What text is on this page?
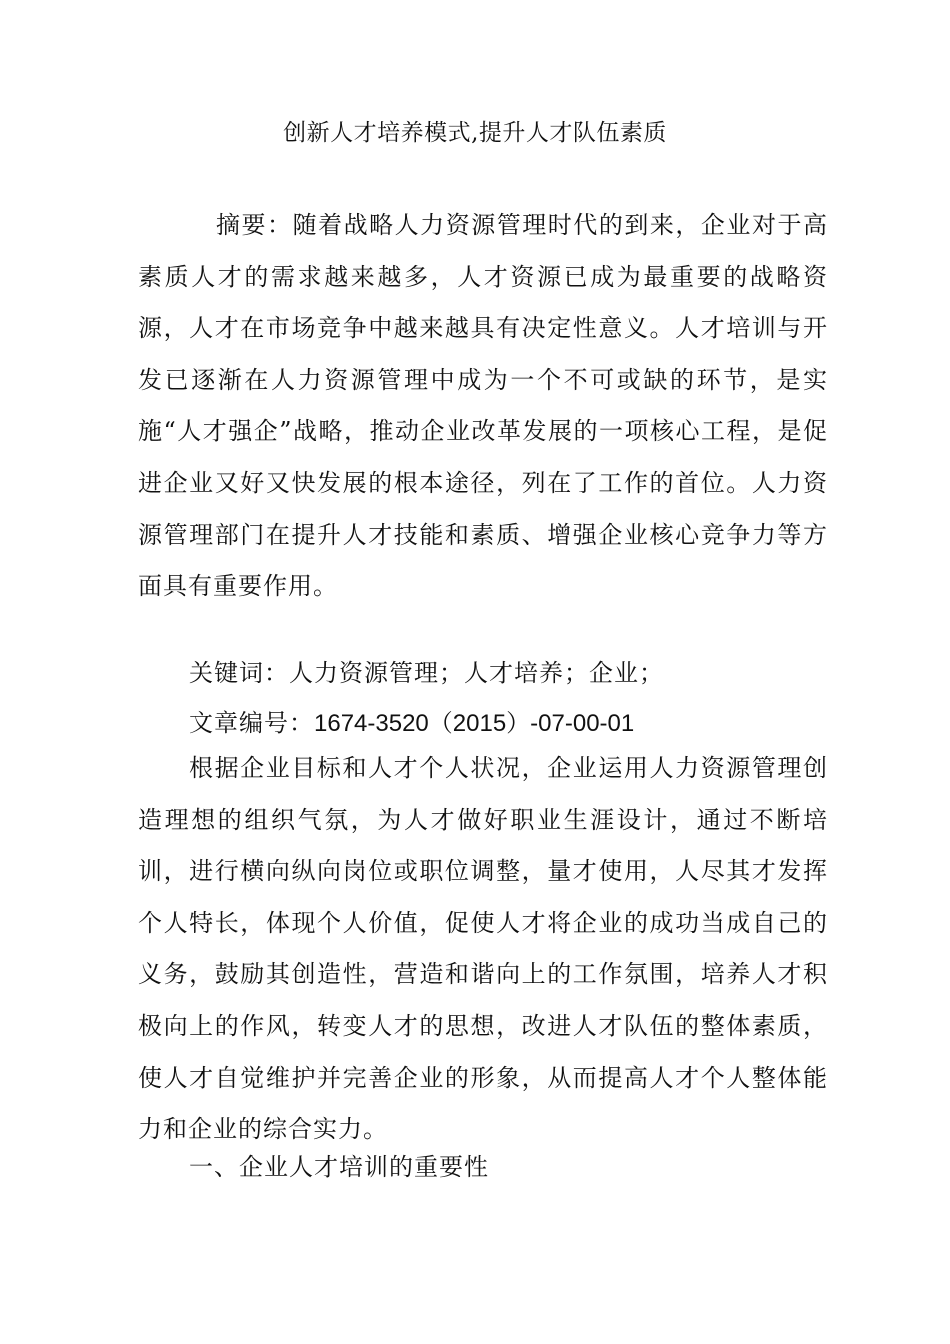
创新人才培养模式,提升人才队伍素质
摘要：随着战略人力资源管理时代的到来，企业对于高素质人才的需求越来越多，人才资源已成为最重要的战略资源，人才在市场竞争中越来越具有决定性意义。人才培训与开发已逐渐在人力资源管理中成为一个不可或缺的环节，是实施“人才强企”战略，推动企业改革发展的一项核心工程，是促进企业又好又快发展的根本途径，列在了工作的首位。人力资源管理部门在提升人才技能和素质、增强企业核心竞争力等方面具有重要作用。
关键词：人力资源管理；人才培养；企业；
文章编号：1674-3520（2015）-07-00-01
根据企业目标和人才个人状况，企业运用人力资源管理创造理想的组织气氛，为人才做好职业生涯设计，通过不断培训，进行横向纵向岗位或职位调整，量才使用，人尽其才发挥个人特长，体现个人价值，促使人才将企业的成功当成自己的义务，鼓励其创造性，营造和谐向上的工作氛围，培养人才积极向上的作风，转变人才的思想，改进人才队伍的整体素质，使人才自觉维护并完善企业的形象，从而提高人才个人整体能力和企业的综合实力。
一、企业人才培训的重要性
